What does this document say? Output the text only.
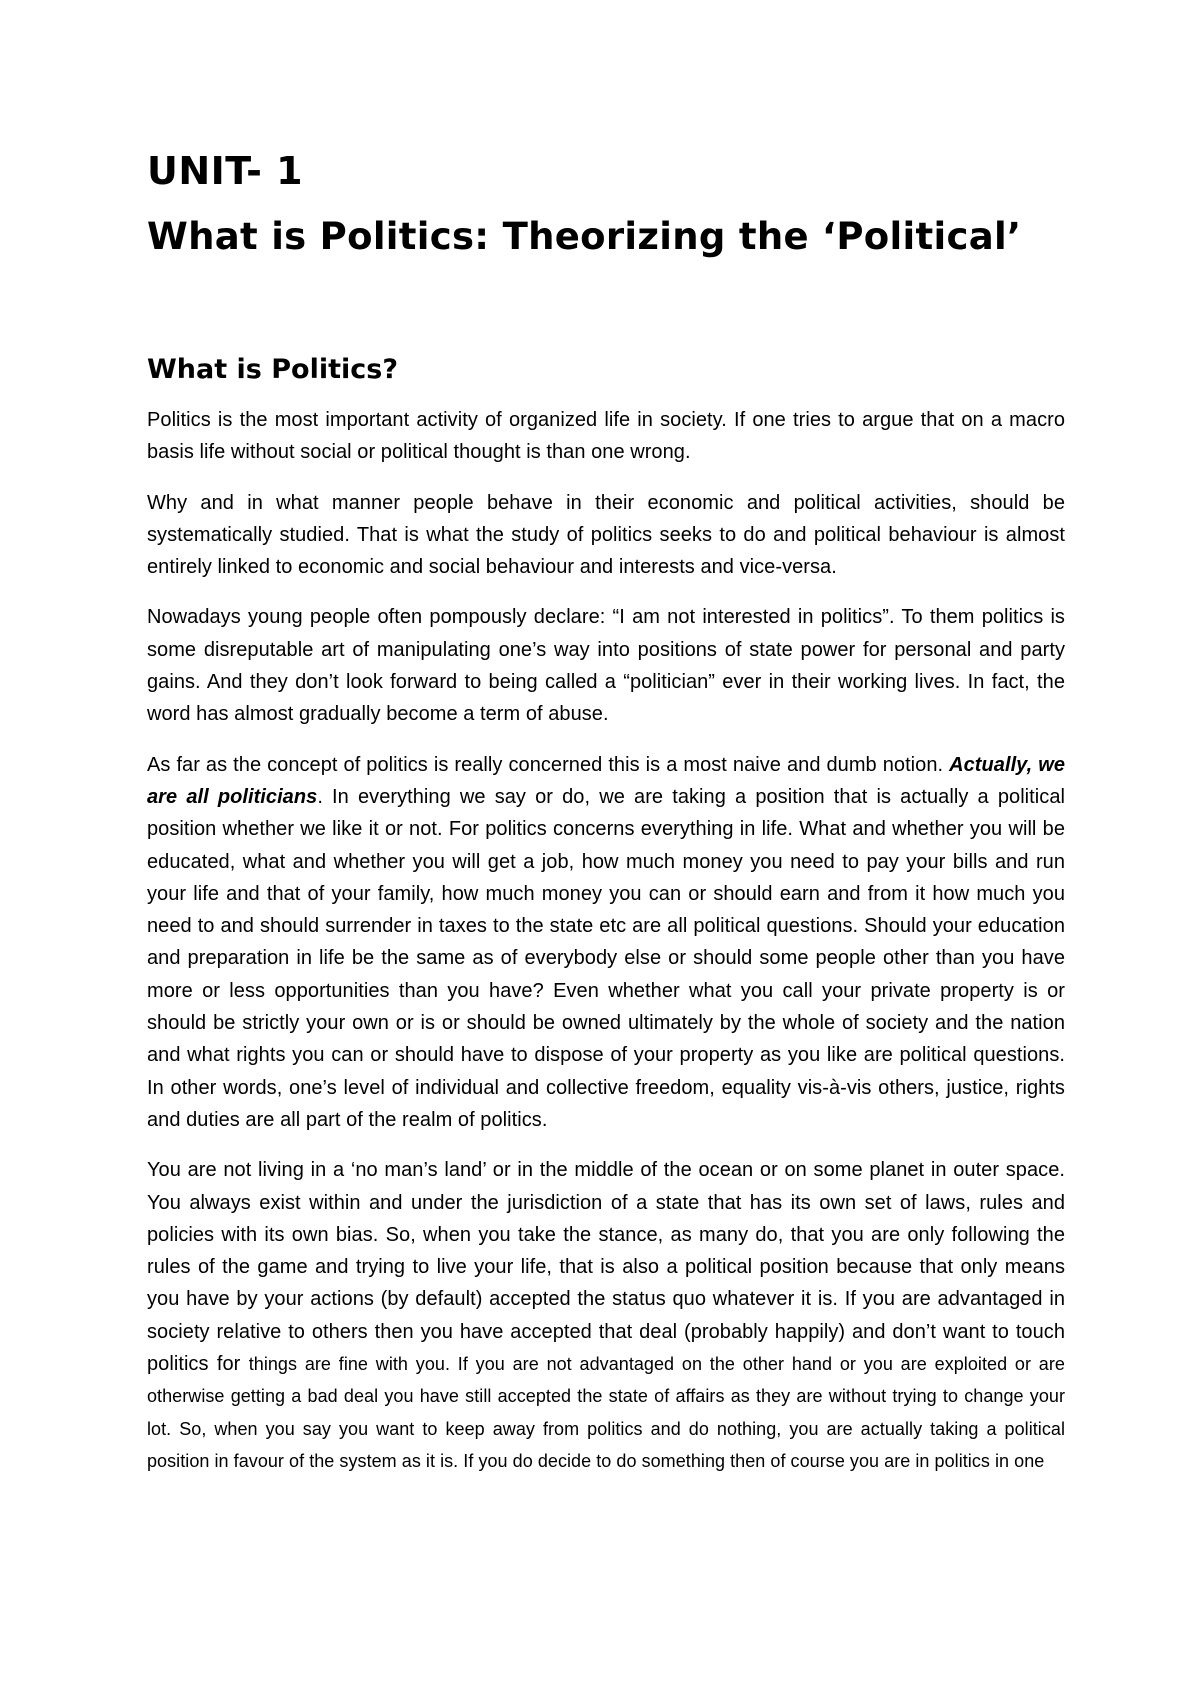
UNIT- 1
What is Politics: Theorizing the ‘Political’
What is Politics?

Politics is the most important activity of organized life in society. If one tries to argue that on a macro basis life without social or political thought is than one wrong.

Why and in what manner people behave in their economic and political activities, should be systematically studied. That is what the study of politics seeks to do and political behaviour is almost entirely linked to economic and social behaviour and interests and vice-versa.

Nowadays young people often pompously declare: “I am not interested in politics”. To them politics is some disreputable art of manipulating one’s way into positions of state power for personal and party gains. And they don’t look forward to being called a “politician” ever in their working lives. In fact, the word has almost gradually become a term of abuse.

As far as the concept of politics is really concerned this is a most naive and dumb notion. Actually, we are all politicians. In everything we say or do, we are taking a position that is actually a political position whether we like it or not. For politics concerns everything in life. What and whether you will be educated, what and whether you will get a job, how much money you need to pay your bills and run your life and that of your family, how much money you can or should earn and from it how much you need to and should surrender in taxes to the state etc are all political questions. Should your education and preparation in life be the same as of everybody else or should some people other than you have more or less opportunities than you have? Even whether what you call your private property is or should be strictly your own or is or should be owned ultimately by the whole of society and the nation and what rights you can or should have to dispose of your property as you like are political questions. In other words, one’s level of individual and collective freedom, equality vis-à-vis others, justice, rights and duties are all part of the realm of politics.

You are not living in a ‘no man’s land’ or in the middle of the ocean or on some planet in outer space. You always exist within and under the jurisdiction of a state that has its own set of laws, rules and policies with its own bias. So, when you take the stance, as many do, that you are only following the rules of the game and trying to live your life, that is also a political position because that only means you have by your actions (by default) accepted the status quo whatever it is. If you are advantaged in society relative to others then you have accepted that deal (probably happily) and don’t want to touch politics for things are fine with you. If you are not advantaged on the other hand or you are exploited or are otherwise getting a bad deal you have still accepted the state of affairs as they are without trying to change your lot. So, when you say you want to keep away from politics and do nothing, you are actually taking a political position in favour of the system as it is. If you do decide to do something then of course you are in politics in one
